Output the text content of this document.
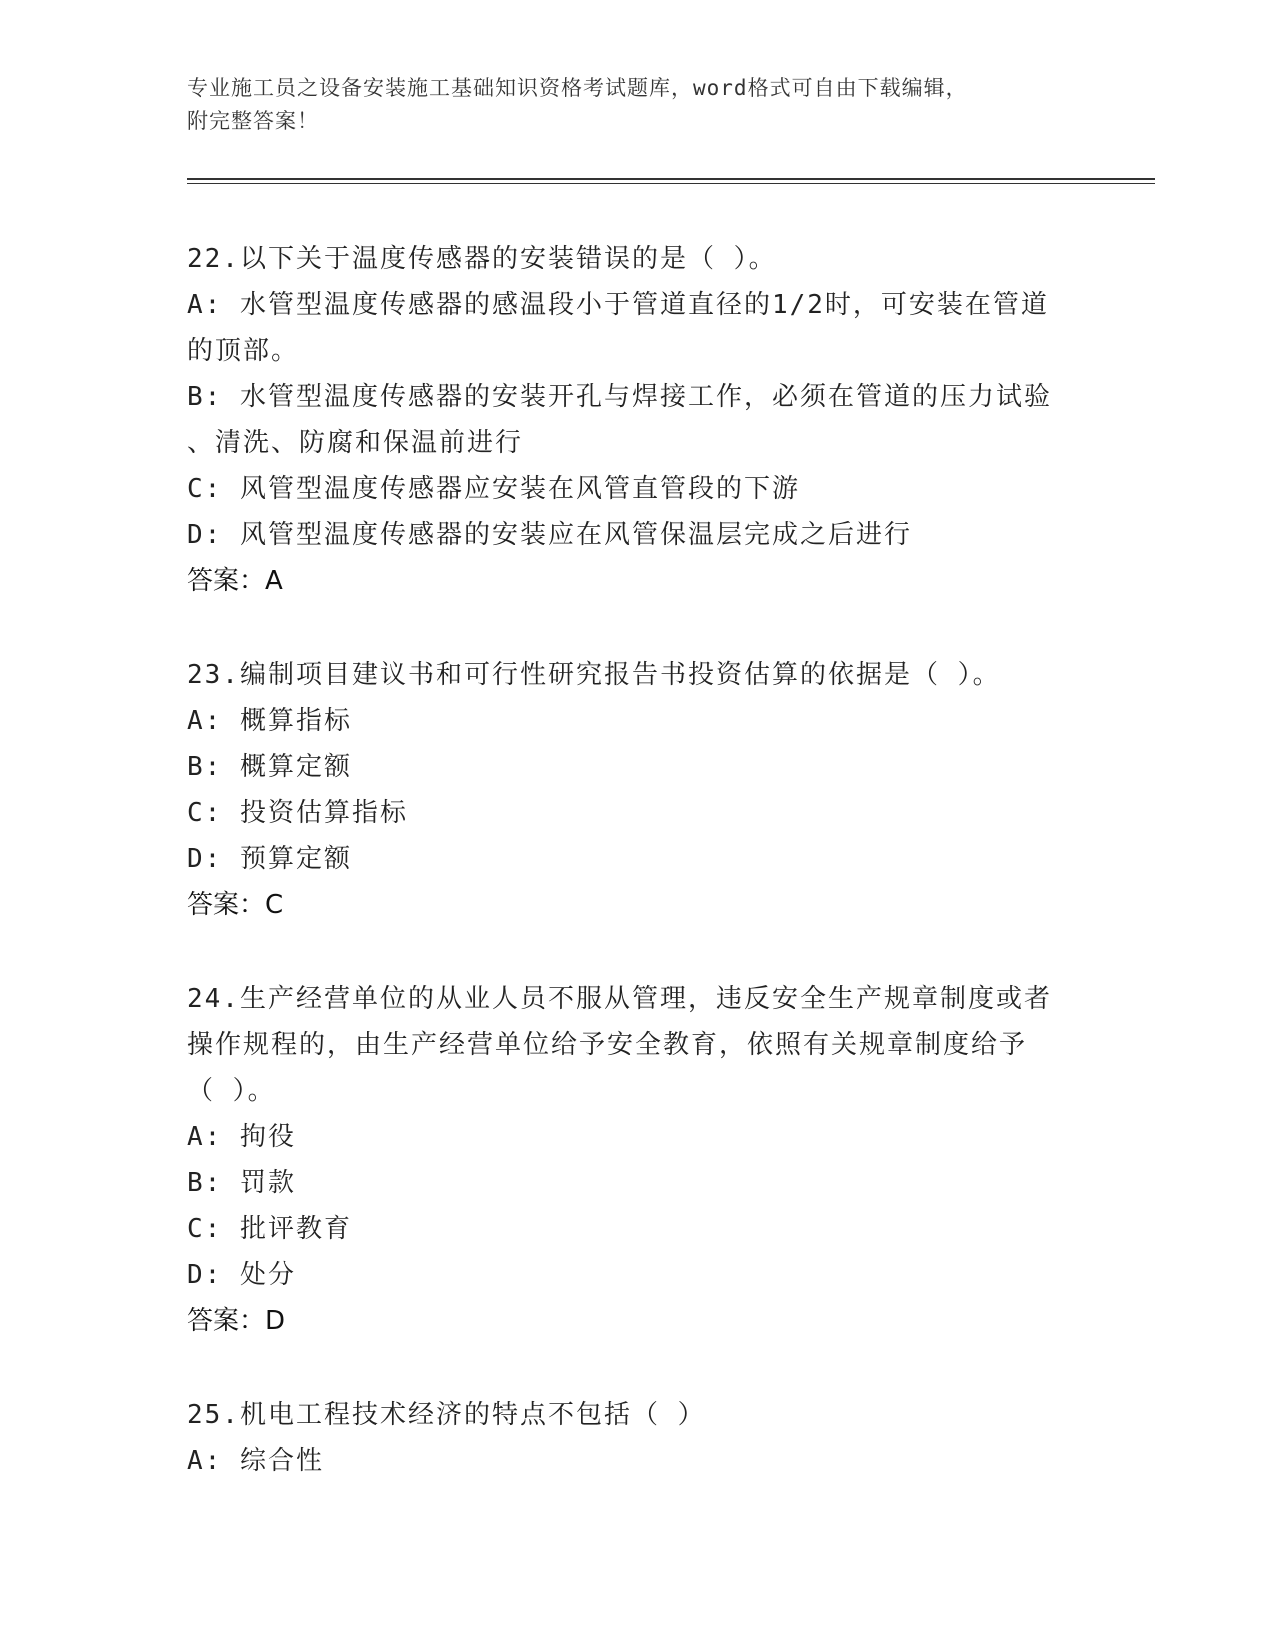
专业施工员之设备安装施工基础知识资格考试题库，word格式可自由下载编辑，
附完整答案！
22.以下关于温度传感器的安装错误的是（ ）。
A: 水管型温度传感器的感温段小于管道直径的1/2时，可安装在管道
的顶部。
B: 水管型温度传感器的安装开孔与焊接工作，必须在管道的压力试验
、清洗、防腐和保温前进行
C: 风管型温度传感器应安装在风管直管段的下游
D: 风管型温度传感器的安装应在风管保温层完成之后进行
答案：A
23.编制项目建议书和可行性研究报告书投资估算的依据是（ ）。
A: 概算指标
B: 概算定额
C: 投资估算指标
D: 预算定额
答案：C
24.生产经营单位的从业人员不服从管理，违反安全生产规章制度或者
操作规程的，由生产经营单位给予安全教育，依照有关规章制度给予
（ ）。
A: 拘役
B: 罚款
C: 批评教育
D: 处分
答案：D
25.机电工程技术经济的特点不包括（ ）
A: 综合性
